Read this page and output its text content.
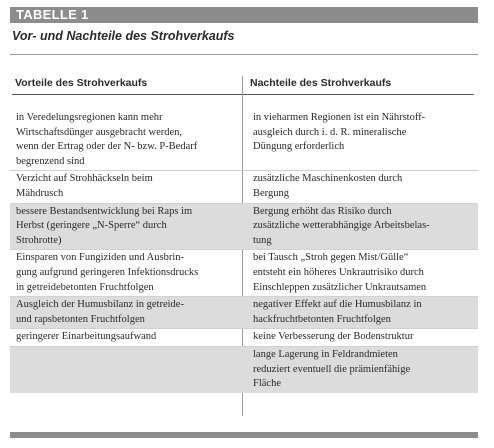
TABELLE 1
Vor- und Nachteile des Strohverkaufs
Vorteile des Strohverkaufs	Nachteile des Strohverkaufs
in Veredelungsregionen kann mehr
Wirtschaftsdünger ausgebracht werden,
wenn der Ertrag oder der N- bzw. P-Bedarf
begrenzend sind
in vieharmen Regionen ist ein Nährstoff-
ausgleich durch i. d. R. mineralische
Düngung erforderlich
Verzicht auf Strohhäckseln beim
Mähdrusch
zusätzliche Maschinenkosten durch
Bergung
bessere Bestandsentwicklung bei Raps im
Herbst (geringere „N-Sperre“ durch
Strohrotte)
Bergung erhöht das Risiko durch
zusätzliche wetterabhängige Arbeitsbelas-
tung
Einsparen von Fungiziden und Ausbrin-
gung aufgrund geringeren Infektionsdrucks
in getreidebetonten Fruchtfolgen
bei Tausch „Stroh gegen Mist/Gülle“
entsteht ein höheres Unkrautrisiko durch
Einschleppen zusätzlicher Unkrautsamen
Ausgleich der Humusbilanz in getreide-
und rapsbetonten Fruchtfolgen
negativer Effekt auf die Humusbilanz in
hackfruchtbetonten Fruchtfolgen
geringerer Einarbeitungsaufwand	keine Verbesserung der Bodenstruktur
lange Lagerung in Feldrandmieten
reduziert eventuell die prämienfähige
Fläche
